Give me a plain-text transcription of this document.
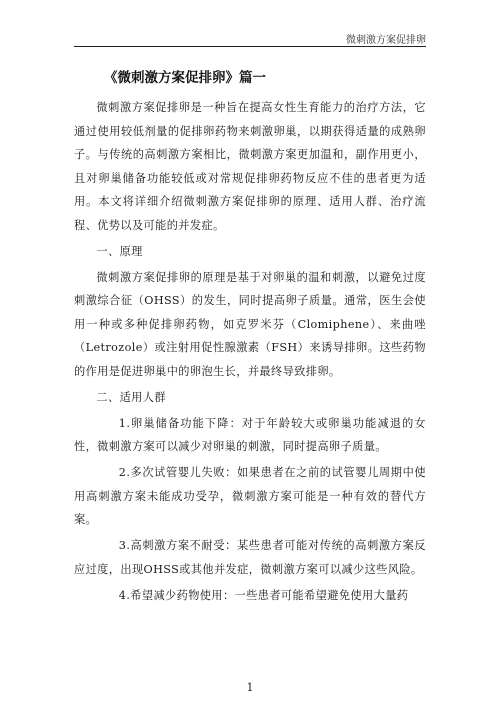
微刺激方案促排卵
《微刺激方案促排卵》篇一

微刺激方案促排卵是一种旨在提高女性生育能力的治疗方法，它通过使用较低剂量的促排卵药物来刺激卵巢，以期获得适量的成熟卵子。与传统的高刺激方案相比，微刺激方案更加温和，副作用更小，且对卵巢储备功能较低或对常规促排卵药物反应不佳的患者更为适用。本文将详细介绍微刺激方案促排卵的原理、适用人群、治疗流程、优势以及可能的并发症。

一、原理

微刺激方案促排卵的原理是基于对卵巢的温和刺激，以避免过度刺激综合征（OHSS）的发生，同时提高卵子质量。通常，医生会使用一种或多种促排卵药物，如克罗米芬（Clomiphene）、来曲唑（Letrozole）或注射用促性腺激素（FSH）来诱导排卵。这些药物的作用是促进卵巢中的卵泡生长，并最终导致排卵。

二、适用人群

1.卵巢储备功能下降：对于年龄较大或卵巢功能减退的女性，微刺激方案可以减少对卵巢的刺激，同时提高卵子质量。

2.多次试管婴儿失败：如果患者在之前的试管婴儿周期中使用高刺激方案未能成功受孕，微刺激方案可能是一种有效的替代方案。

3.高刺激方案不耐受：某些患者可能对传统的高刺激方案反应过度，出现OHSS或其他并发症，微刺激方案可以减少这些风险。

4.希望减少药物使用：一些患者可能希望避免使用大量药

1
